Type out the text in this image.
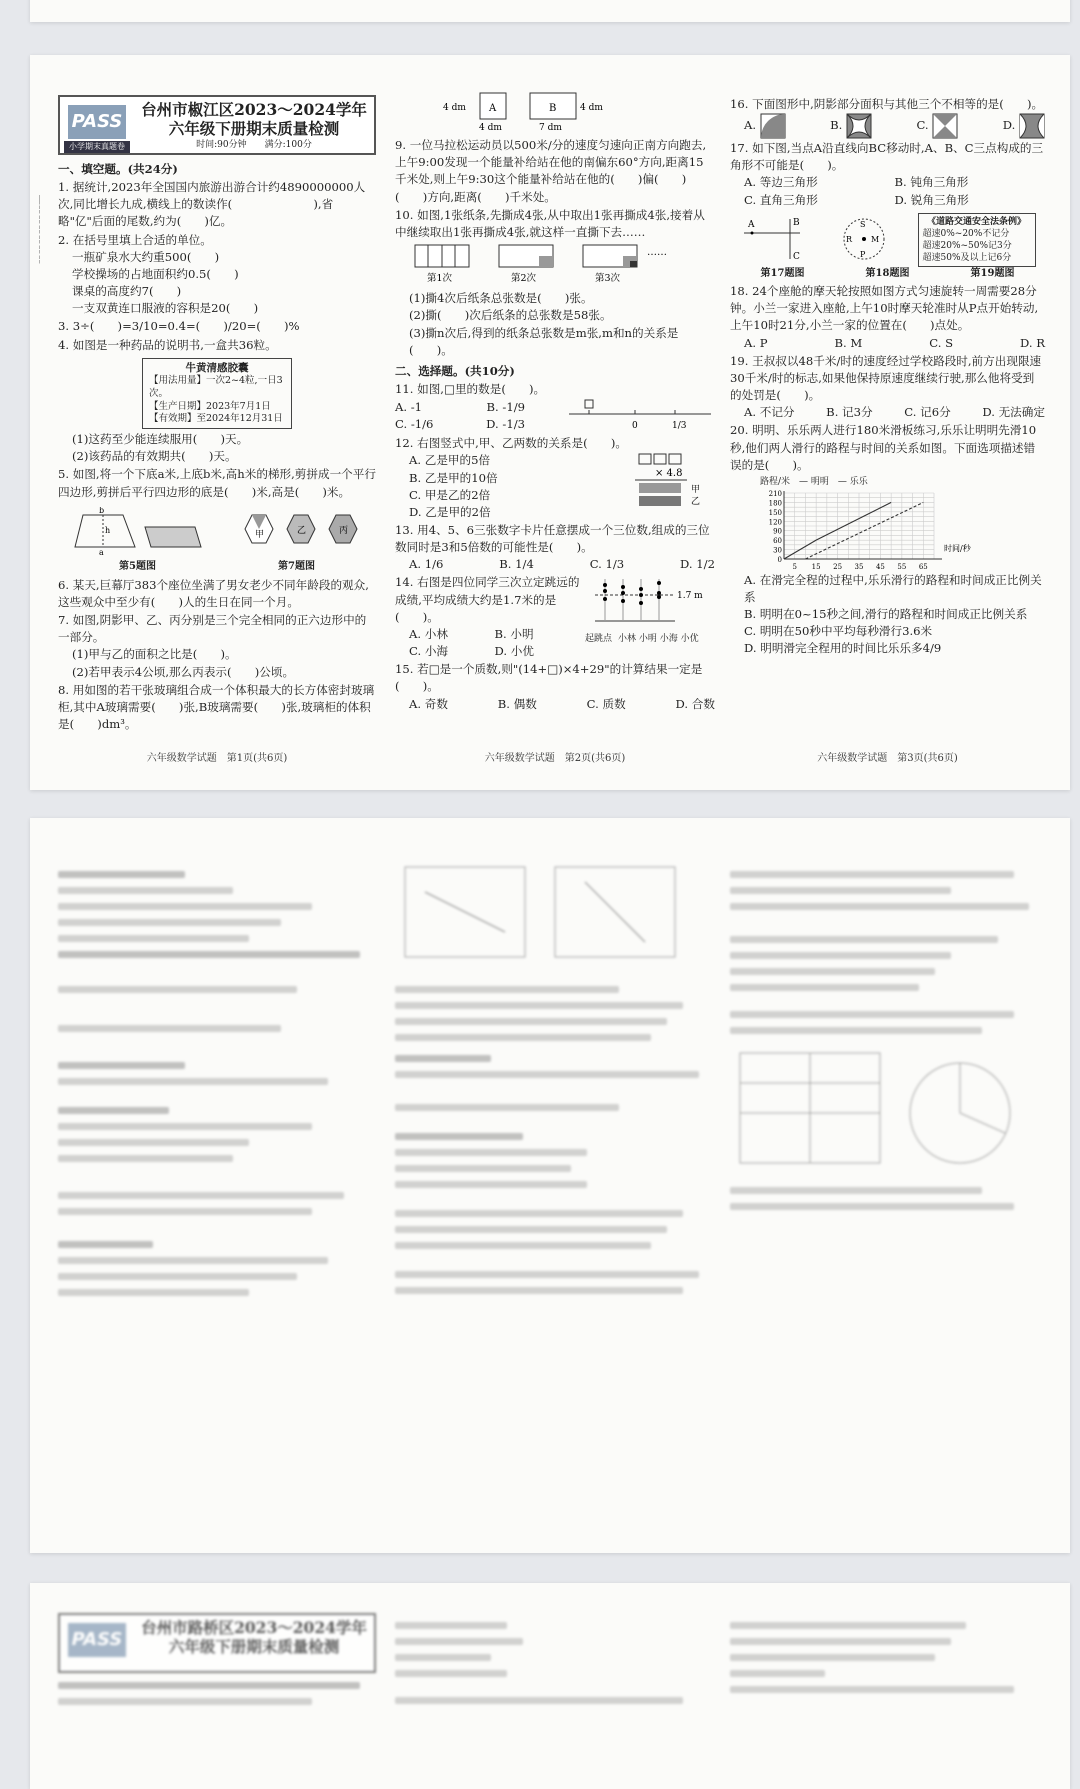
|
¦
¦
¦
¦
¦
¦
PASS
小学期末真题卷
台州市椒江区2023～2024学年
六年级下册期末质量检测
时间:90分钟　　满分:100分
一、填空题。(共24分)
1. 据统计,2023年全国国内旅游出游合计约4890000000人次,同比增长九成,横线上的数读作(　　　　　　　),省略"亿"后面的尾数,约为(　　)亿。
2. 在括号里填上合适的单位。
一瓶矿泉水大约重500(　　)
学校操场的占地面积约0.5(　　)
课桌的高度约7(　　)
一支双黄连口服液的容积是20(　　)
3. 3÷(　　)=3/10=0.4=(　　)/20=(　　)%
4. 如图是一种药品的说明书,一盒共36粒。
牛黄清感胶囊
【用法用量】一次2~4粒,一日3次。
【生产日期】2023年7月1日
【有效期】至2024年12月31日
(1)这药至少能连续服用(　　)天。
(2)该药品的有效期共(　　)天。
5. 如图,将一个下底a米,上底b米,高h米的梯形,剪拼成一个平行四边形,剪拼后平行四边形的底是(　　)米,高是(　　)米。
b
a
h
第5题图
甲	乙	丙
第7题图
6. 某天,巨幕厅383个座位坐满了男女老少不同年龄段的观众,这些观众中至少有(　　)人的生日在同一个月。
7. 如图,阴影甲、乙、丙分别是三个完全相同的正六边形中的一部分。
(1)甲与乙的面积之比是(　　)。
(2)若甲表示4公顷,那么丙表示(　　)公顷。
8. 用如图的若干张玻璃组合成一个体积最大的长方体密封玻璃柜,其中A玻璃需要(　　)张,B玻璃需要(　　)张,玻璃柜的体积是(　　)dm³。
六年级数学试题　第1页(共6页)
A	B
4 dm	4 dm
4 dm	7 dm
9. 一位马拉松运动员以500米/分的速度匀速向正南方向跑去,上午9:00发现一个能量补给站在他的南偏东60°方向,距离15千米处,则上午9:30这个能量补给站在他的(　　)偏(　　)(　　)方向,距离(　　)千米处。
10. 如图,1张纸条,先撕成4张,从中取出1张再撕成4张,接着从中继续取出1张再撕成4张,就这样一直撕下去……
……
第1次	第2次	第3次
(1)撕4次后纸条总张数是(　　)张。
(2)撕(　　)次后纸条的总张数是58张。
(3)撕n次后,得到的纸条总张数是m张,m和n的关系是(　　)。
二、选择题。(共10分)
11. 如图,□里的数是(　　)。
A. -1	B. -1/9
C. -1/6	D. -1/3	0	1/3
12. 右图竖式中,甲、乙两数的关系是(　　)。
A. 乙是甲的5倍
B. 乙是甲的10倍
C. 甲是乙的2倍
D. 乙是甲的2倍
× 4.8
甲
乙
13. 用4、5、6三张数字卡片任意摆成一个三位数,组成的三位数同时是3和5倍数的可能性是(　　)。
A. 1/6	B. 1/4	C. 1/3	D. 1/2
14. 右图是四位同学三次立定跳远的成绩,平均成绩大约是1.7米的是(　　)。
A. 小林	B. 小明
C. 小海	D. 小优
1.7 m
起跳点 小林 小明 小海 小优
15. 若□是一个质数,则"(14+□)×4+29"的计算结果一定是(　　)。
A. 奇数	B. 偶数	C. 质数	D. 合数
六年级数学试题　第2页(共6页)
16. 下面图形中,阴影部分面积与其他三个不相等的是(　　)。
A.	B.	C.	D.
17. 如下图,当点A沿直线向BC移动时,A、B、C三点构成的三角形不可能是(　　)。
A. 等边三角形	B. 钝角三角形
C. 直角三角形	D. 锐角三角形
A	B
C
S
R M
P
《道路交通安全法条例》
超速0%~20%不记分
超速20%~50%记3分
超速50%及以上记6分
第17题图	第18题图	第19题图
18. 24个座舱的摩天轮按照如图方式匀速旋转一周需要28分钟。小兰一家进入座舱,上午10时摩天轮准时从P点开始转动,上午10时21分,小兰一家的位置在(　　)点处。
A. P	B. M	C. S	D. R
19. 王叔叔以48千米/时的速度经过学校路段时,前方出现限速30千米/时的标志,如果他保持原速度继续行驶,那么他将受到的处罚是(　　)。
A. 不记分	B. 记3分	C. 记6分	D. 无法确定
20. 明明、乐乐两人进行180米滑板练习,乐乐让明明先滑10秒,他们两人滑行的路程与时间的关系如图。下面选项描述错误的是(　　)。
路程/米　— 明明　— 乐乐
30
60
90
120
150
180
210
0
5 15 25 35 45 55 65
时间/秒
A. 在滑完全程的过程中,乐乐滑行的路程和时间成正比例关系
B. 明明在0~15秒之间,滑行的路程和时间成正比例关系
C. 明明在50秒中平均每秒滑行3.6米
D. 明明滑完全程用的时间比乐乐多4/9
六年级数学试题　第3页(共6页)
PASS
台州市路桥区2023～2024学年
六年级下册期末质量检测
